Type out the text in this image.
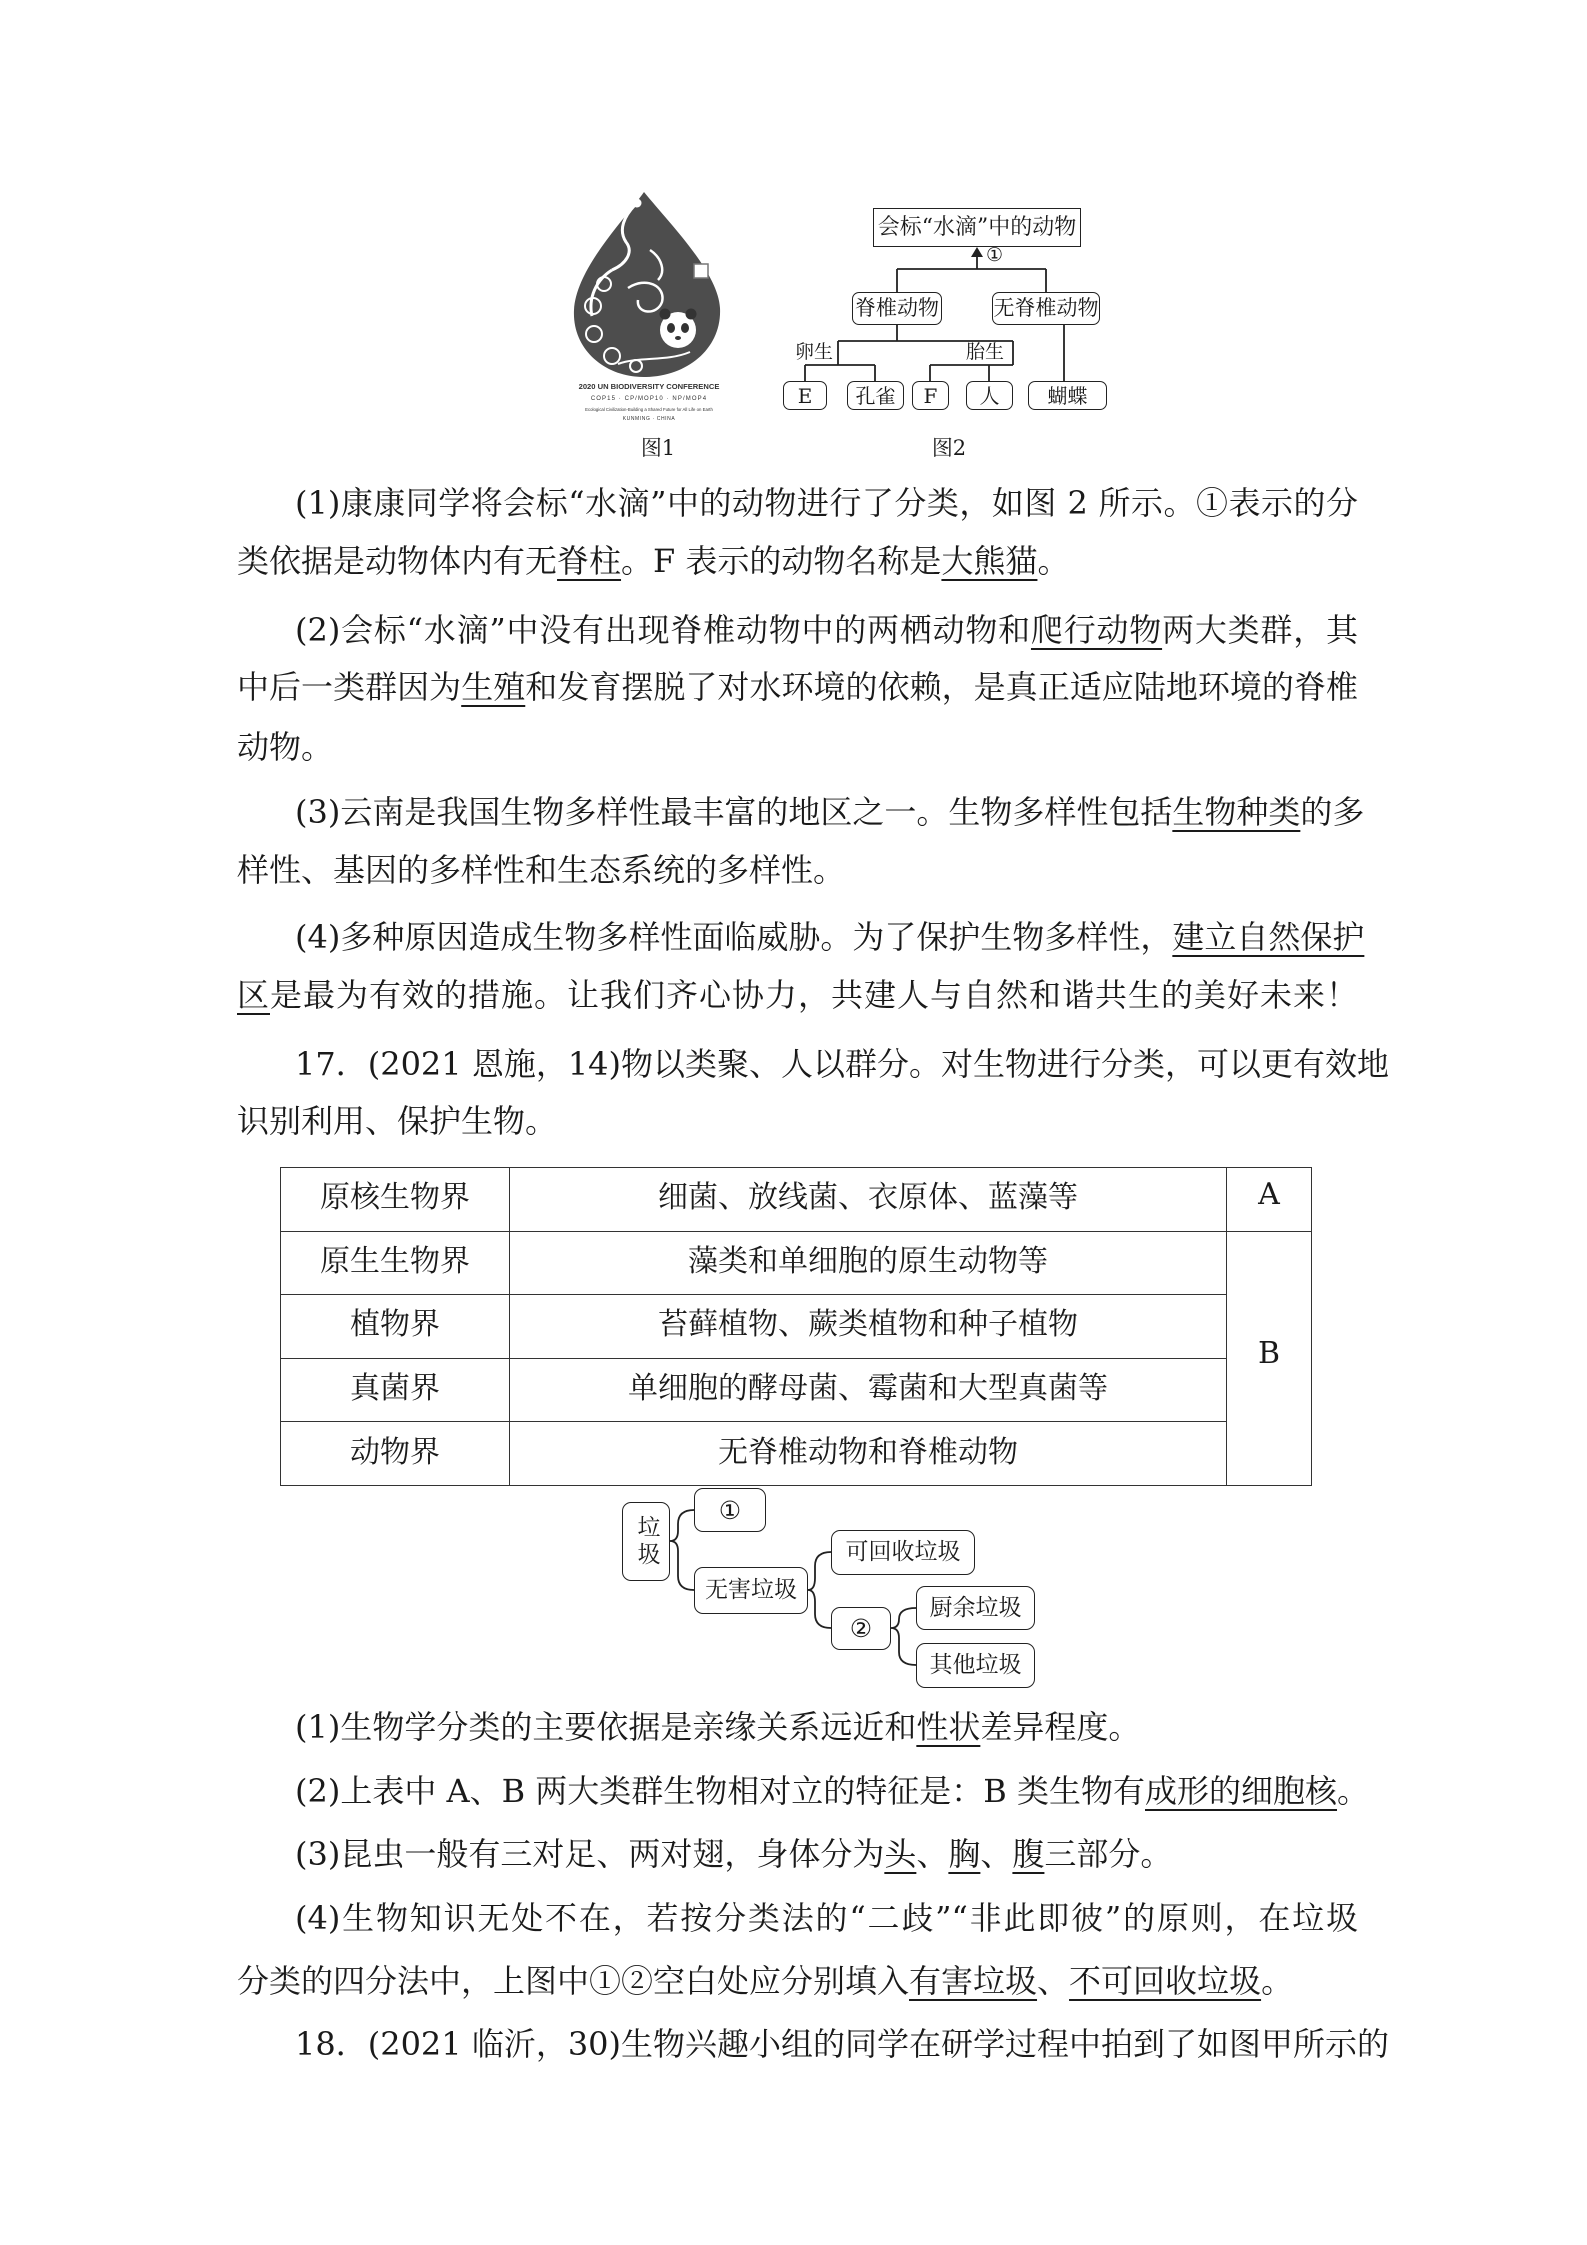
2020 UN BIODIVERSITY CONFERENCE
COP15 · CP/MOP10 · NP/MOP4
Ecological Civilization-Building a Shared Future for All Life on Earth
KUNMING · CHINA
图1
会标“水滴”中的动物
①
脊椎动物	无脊椎动物
卵生	胎生
E	孔雀	F	人	蝴蝶
图2
(1)康康同学将会标“水滴”中的动物进行了分类，如图 2 所示。①表示的分
类依据是动物体内有无脊柱。F 表示的动物名称是大熊猫。
(2)会标“水滴”中没有出现脊椎动物中的两栖动物和爬行动物两大类群，其
中后一类群因为生殖和发育摆脱了对水环境的依赖，是真正适应陆地环境的脊椎
动物。
(3)云南是我国生物多样性最丰富的地区之一。生物多样性包括生物种类的多
样性、基因的多样性和生态系统的多样性。
(4)多种原因造成生物多样性面临威胁。为了保护生物多样性，建立自然保护
区是最为有效的措施。让我们齐心协力，共建人与自然和谐共生的美好未来！
17．(2021 恩施，14)物以类聚、人以群分。对生物进行分类，可以更有效地
识别利用、保护生物。
原核生物界	细菌、放线菌、衣原体、蓝藻等	A
原生生物界	藻类和单细胞的原生动物等	B
植物界	苔藓植物、蕨类植物和种子植物	
真菌界	单细胞的酵母菌、霉菌和大型真菌等	
动物界	无脊椎动物和脊椎动物	
垃圾
①
无害垃圾
可回收垃圾
②
厨余垃圾
其他垃圾
(1)生物学分类的主要依据是亲缘关系远近和性状差异程度。
(2)上表中 A、B 两大类群生物相对立的特征是：B 类生物有成形的细胞核。
(3)昆虫一般有三对足、两对翅，身体分为头、胸、腹三部分。
(4)生物知识无处不在，若按分类法的“二歧”“非此即彼”的原则，在垃圾
分类的四分法中，上图中①②空白处应分别填入有害垃圾、不可回收垃圾。
18．(2021 临沂，30)生物兴趣小组的同学在研学过程中拍到了如图甲所示的
